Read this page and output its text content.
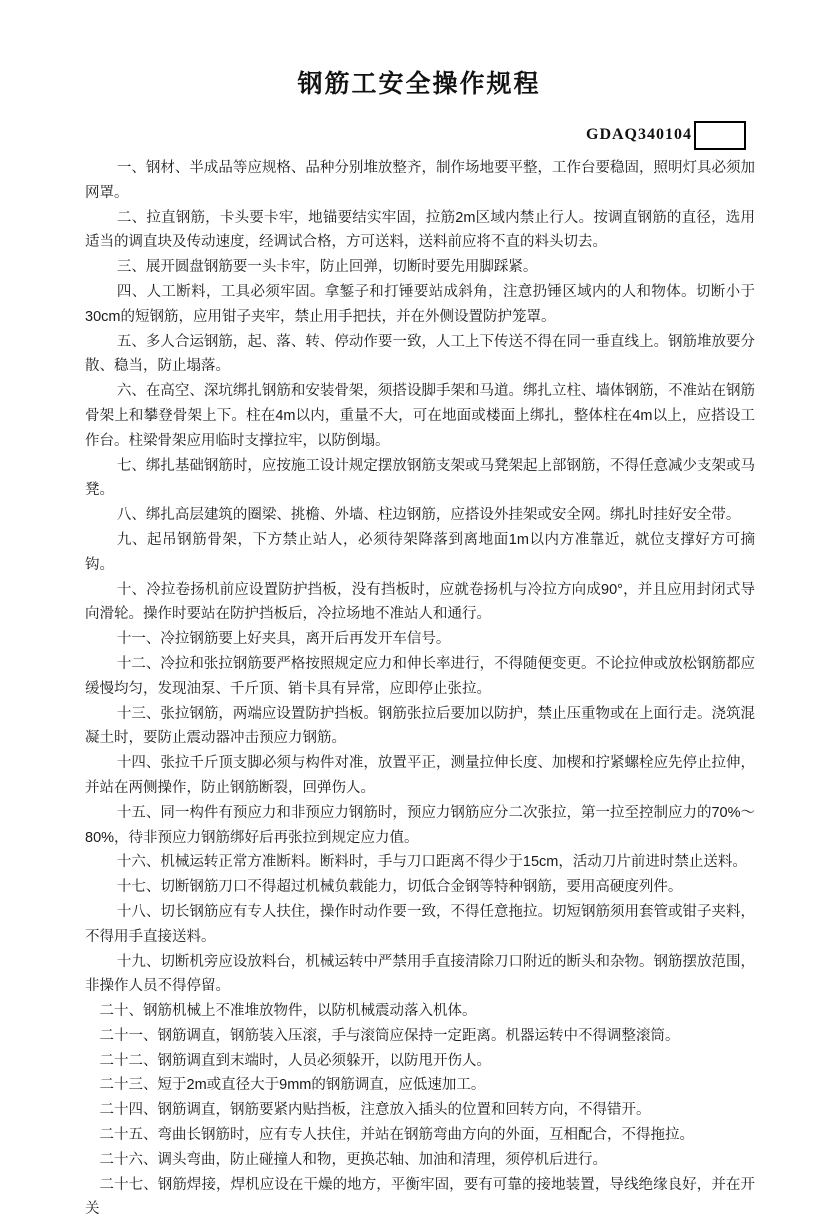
钢筋工安全操作规程
GDAQ340104

一、钢材、半成品等应规格、品种分别堆放整齐，制作场地要平整，工作台要稳固，照明灯具必须加网罩。

二、拉直钢筋，卡头要卡牢，地锚要结实牢固，拉筋2m区域内禁止行人。按调直钢筋的直径，选用适当的调直块及传动速度，经调试合格，方可送料，送料前应将不直的料头切去。

三、展开圆盘钢筋要一头卡牢，防止回弹，切断时要先用脚踩紧。

四、人工断料，工具必须牢固。拿錾子和打锤要站成斜角，注意扔锤区域内的人和物体。切断小于30cm的短钢筋，应用钳子夹牢，禁止用手把扶，并在外侧设置防护笼罩。

五、多人合运钢筋，起、落、转、停动作要一致，人工上下传送不得在同一垂直线上。钢筋堆放要分散、稳当，防止塌落。

六、在高空、深坑绑扎钢筋和安装骨架，须搭设脚手架和马道。绑扎立柱、墙体钢筋，不准站在钢筋骨架上和攀登骨架上下。柱在4m以内，重量不大，可在地面或楼面上绑扎，整体柱在4m以上，应搭设工作台。柱梁骨架应用临时支撑拉牢，以防倒塌。

七、绑扎基础钢筋时，应按施工设计规定摆放钢筋支架或马凳架起上部钢筋，不得任意减少支架或马凳。

八、绑扎高层建筑的圈梁、挑檐、外墙、柱边钢筋，应搭设外挂架或安全网。绑扎时挂好安全带。

九、起吊钢筋骨架，下方禁止站人，必须待架降落到离地面1m以内方准靠近，就位支撑好方可摘钩。

十、冷拉卷扬机前应设置防护挡板，没有挡板时，应就卷扬机与冷拉方向成90°，并且应用封闭式导向滑轮。操作时要站在防护挡板后，冷拉场地不准站人和通行。

十一、冷拉钢筋要上好夹具，离开后再发开车信号。

十二、冷拉和张拉钢筋要严格按照规定应力和伸长率进行，不得随便变更。不论拉伸或放松钢筋都应缓慢均匀，发现油泵、千斤顶、销卡具有异常，应即停止张拉。

十三、张拉钢筋，两端应设置防护挡板。钢筋张拉后要加以防护，禁止压重物或在上面行走。浇筑混凝土时，要防止震动器冲击预应力钢筋。

十四、张拉千斤顶支脚必须与构件对准，放置平正，测量拉伸长度、加楔和拧紧螺栓应先停止拉伸，并站在两侧操作，防止钢筋断裂，回弹伤人。

十五、同一构件有预应力和非预应力钢筋时，预应力钢筋应分二次张拉，第一拉至控制应力的70%～80%，待非预应力钢筋绑好后再张拉到规定应力值。

十六、机械运转正常方准断料。断料时，手与刀口距离不得少于15cm，活动刀片前进时禁止送料。

十七、切断钢筋刀口不得超过机械负载能力，切低合金钢等特种钢筋，要用高硬度列件。

十八、切长钢筋应有专人扶住，操作时动作要一致，不得任意拖拉。切短钢筋须用套管或钳子夹料，不得用手直接送料。

十九、切断机旁应设放料台，机械运转中严禁用手直接清除刀口附近的断头和杂物。钢筋摆放范围，非操作人员不得停留。

二十、钢筋机械上不准堆放物件，以防机械震动落入机体。

二十一、钢筋调直，钢筋装入压滚，手与滚筒应保持一定距离。机器运转中不得调整滚筒。

二十二、钢筋调直到末端时，人员必须躲开，以防甩开伤人。

二十三、短于2m或直径大于9mm的钢筋调直，应低速加工。

二十四、钢筋调直，钢筋要紧内贴挡板，注意放入插头的位置和回转方向，不得错开。

二十五、弯曲长钢筋时，应有专人扶住，并站在钢筋弯曲方向的外面，互相配合，不得拖拉。

二十六、调头弯曲，防止碰撞人和物，更换芯轴、加油和清理，须停机后进行。

二十七、钢筋焊接，焊机应设在干燥的地方，平衡牢固，要有可靠的接地装置，导线绝缘良好，并在开关
